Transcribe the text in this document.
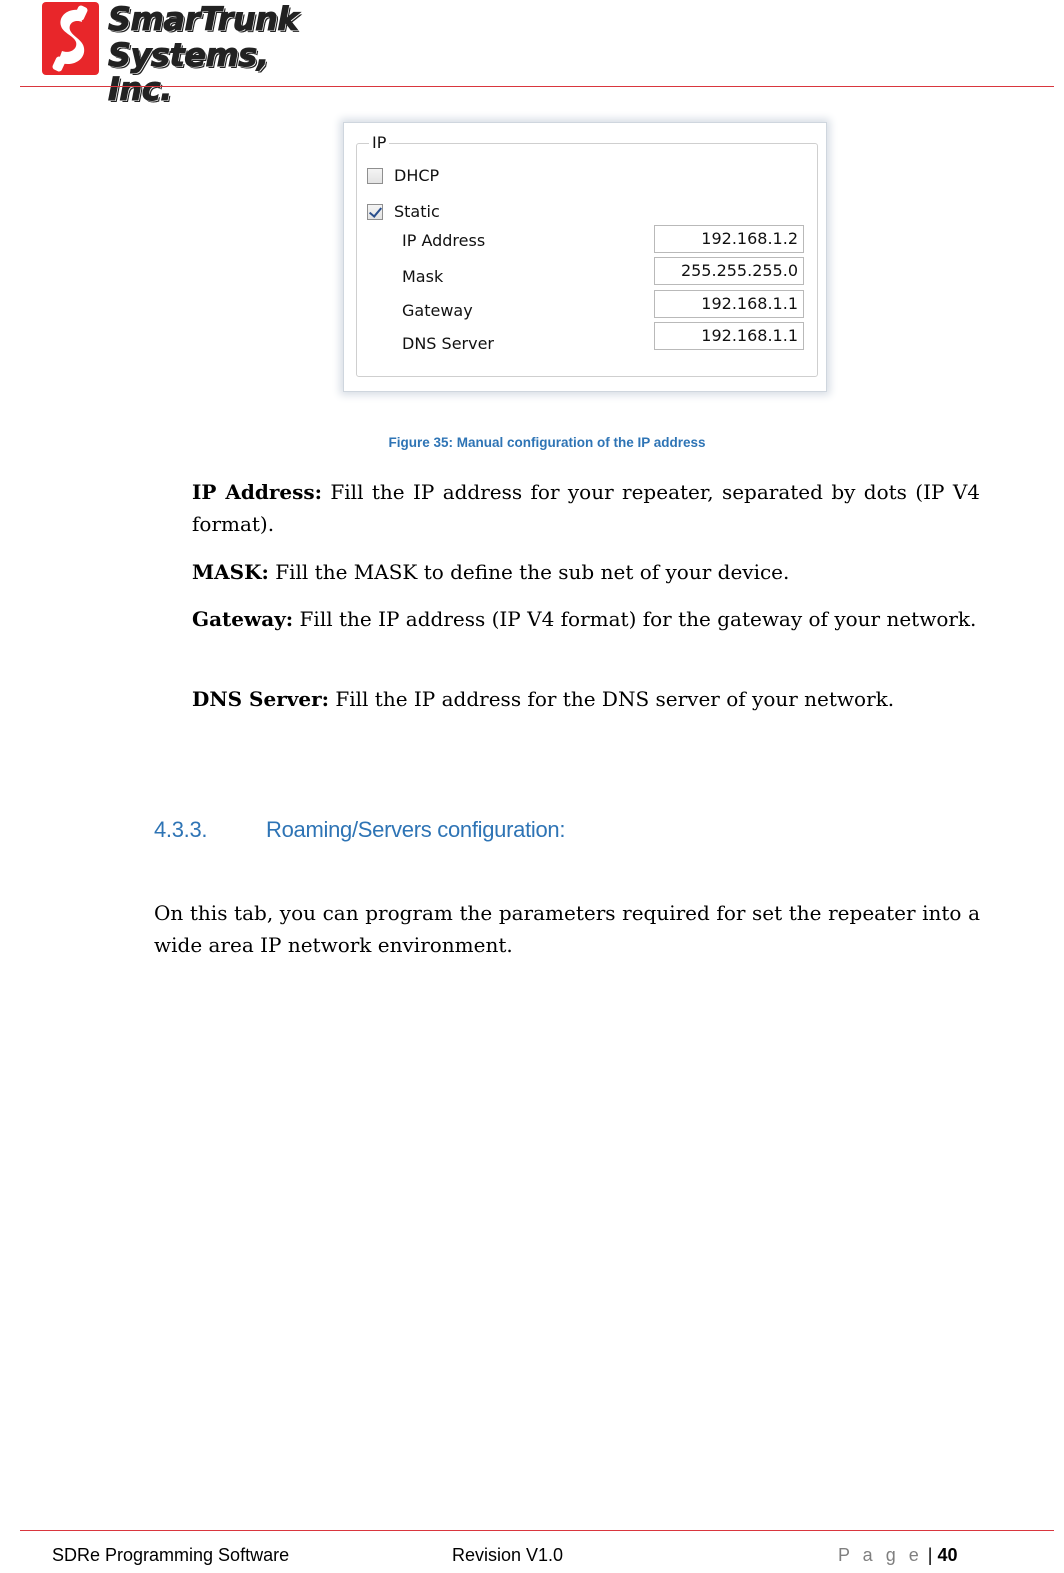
SmarTrunk
Systems, Inc.
IP
DHCP
Static
IP Address	192.168.1.2
Mask	255.255.255.0
Gateway	192.168.1.1
DNS Server	192.168.1.1
Figure 35: Manual configuration of the IP address

IP Address: Fill the IP address for your repeater, separated by dots (IP V4 format).

MASK: Fill the MASK to define the sub net of your device.

Gateway: Fill the IP address (IP V4 format) for the gateway of your network.

DNS Server: Fill the IP address for the DNS server of your network.

4.3.3.	Roaming/Servers configuration:

On this tab, you can program the parameters required for set the repeater into a wide area IP network environment.

SDRe Programming Software	Revision V1.0	P a g e | 40
